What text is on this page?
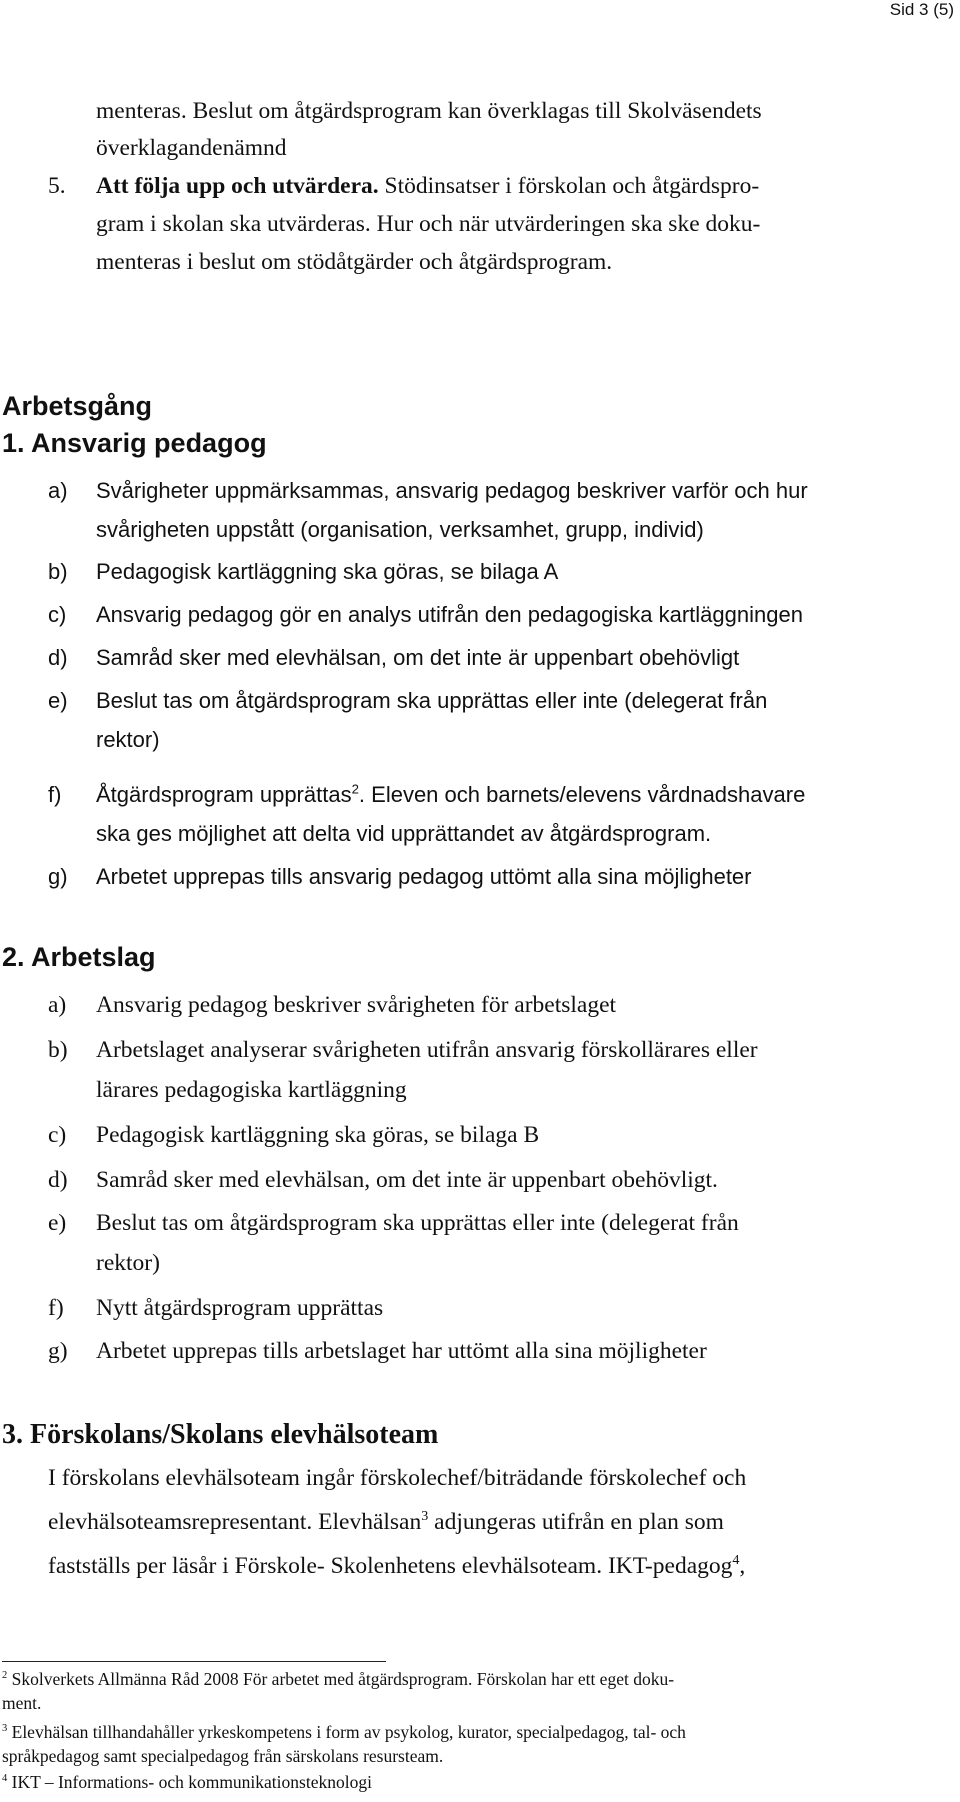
Sid 3 (5)
menteras. Beslut om åtgärdsprogram kan överklagas till Skolväsendets
överklagandenämnd
5. Att följa upp och utvärdera. Stödinsatser i förskolan och åtgärdspro-
gram i skolan ska utvärderas. Hur och när utvärderingen ska ske doku-
menteras i beslut om stödåtgärder och åtgärdsprogram.
Arbetsgång
1. Ansvarig pedagog
a) Svårigheter uppmärksammas, ansvarig pedagog beskriver varför och hur
svårigheten uppstått (organisation, verksamhet, grupp, individ)
b) Pedagogisk kartläggning ska göras, se bilaga A
c) Ansvarig pedagog gör en analys utifrån den pedagogiska kartläggningen
d) Samråd sker med elevhälsan, om det inte är uppenbart obehövligt
e) Beslut tas om åtgärdsprogram ska upprättas eller inte (delegerat från
rektor)
f) Åtgärdsprogram upprättas$^2$. Eleven och barnets/elevens vårdnadshavare
ska ges möjlighet att delta vid upprättandet av åtgärdsprogram.
g) Arbetet upprepas tills ansvarig pedagog uttömt alla sina möjligheter
2. Arbetslag
a) Ansvarig pedagog beskriver svårigheten för arbetslaget
b) Arbetslaget analyserar svårigheten utifrån ansvarig förskollärares eller
lärares pedagogiska kartläggning
c) Pedagogisk kartläggning ska göras, se bilaga B
d) Samråd sker med elevhälsan, om det inte är uppenbart obehövligt.
e) Beslut tas om åtgärdsprogram ska upprättas eller inte (delegerat från
rektor)
f) Nytt åtgärdsprogram upprättas
g) Arbetet upprepas tills arbetslaget har uttömt alla sina möjligheter
3. Förskolans/Skolans elevhälsoteam
I förskolans elevhälsoteam ingår förskolechef/biträdande förskolechef och
elevhälsoteamsrepresentant. Elevhälsan$^3$ adjungeras utifrån en plan som
fastställs per läsår i Förskole- Skolenhetens elevhälsoteam. IKT-pedagog$^4$,
$^2$ Skolverkets Allmänna Råd 2008 För arbetet med åtgärdsprogram. Förskolan har ett eget doku-
ment.
$^3$ Elevhälsan tillhandahåller yrkeskompetens i form av psykolog, kurator, specialpedagog, tal- och
språkpedagog samt specialpedagog från särskolans resursteam.
$^4$ IKT – Informations- och kommunikationsteknologi
